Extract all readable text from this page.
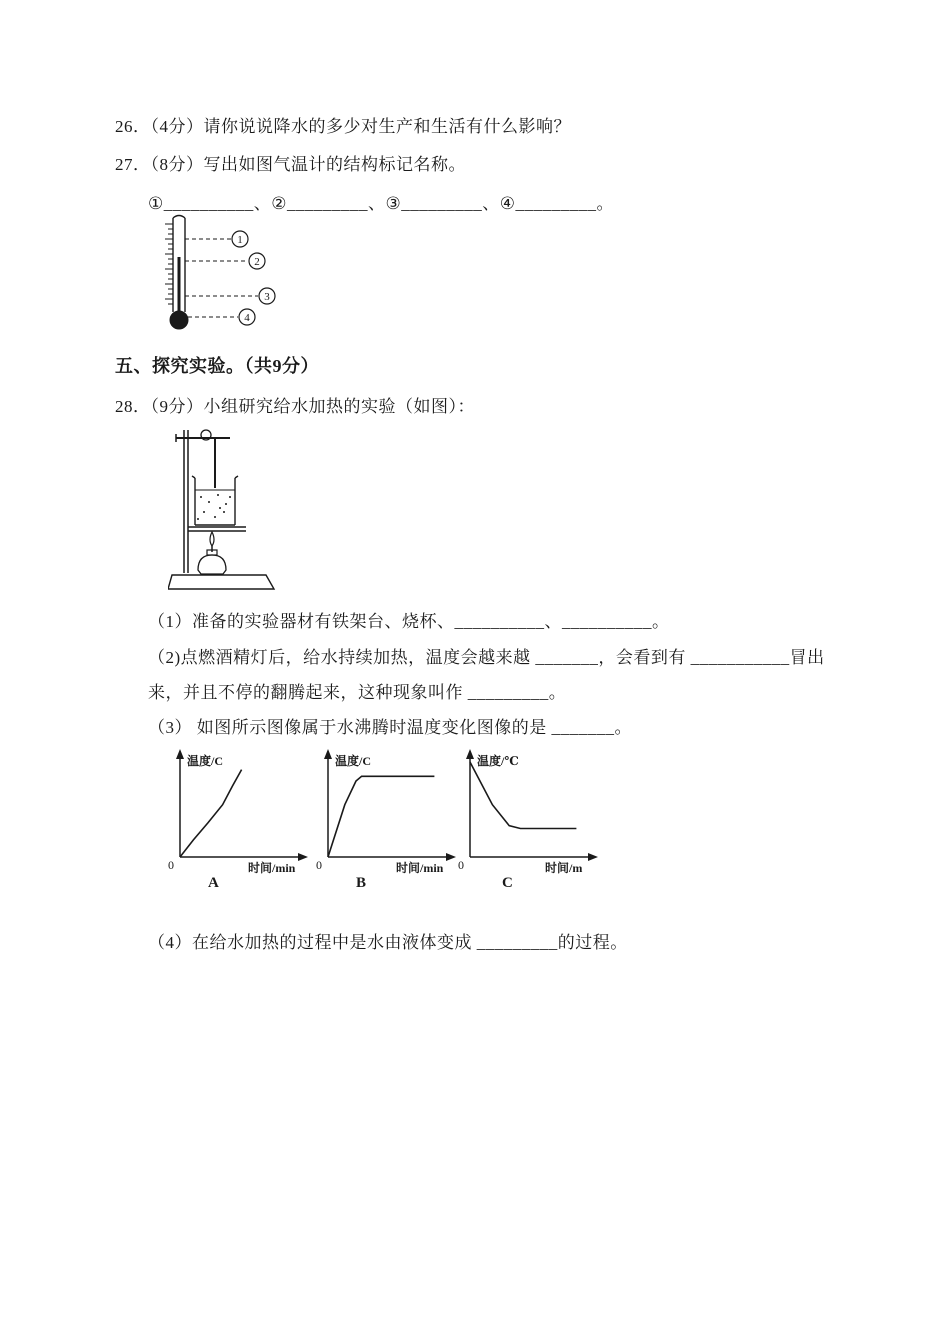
26．（4分）请你说说降水的多少对生产和生活有什么影响？
27．（8分）写出如图气温计的结构标记名称。
①__________、②_________、③_________、④_________。
1
2
3
4
五、探究实验。（共9分）
28．（9分）小组研究给水加热的实验（如图）：
（1）准备的实验器材有铁架台、烧杯、__________、__________。
（2)点燃酒精灯后，给水持续加热，温度会越来越 _______，会看到有 ___________冒出
来，并且不停的翻腾起来，这种现象叫作 _________。
（3） 如图所示图像属于水沸腾时温度变化图像的是 _______。
温度/C
时间/min
0
A
温度/C
时间/min
0
B
温度/℃
时间/m
0
C
（4）在给水加热的过程中是水由液体变成 _________的过程。
